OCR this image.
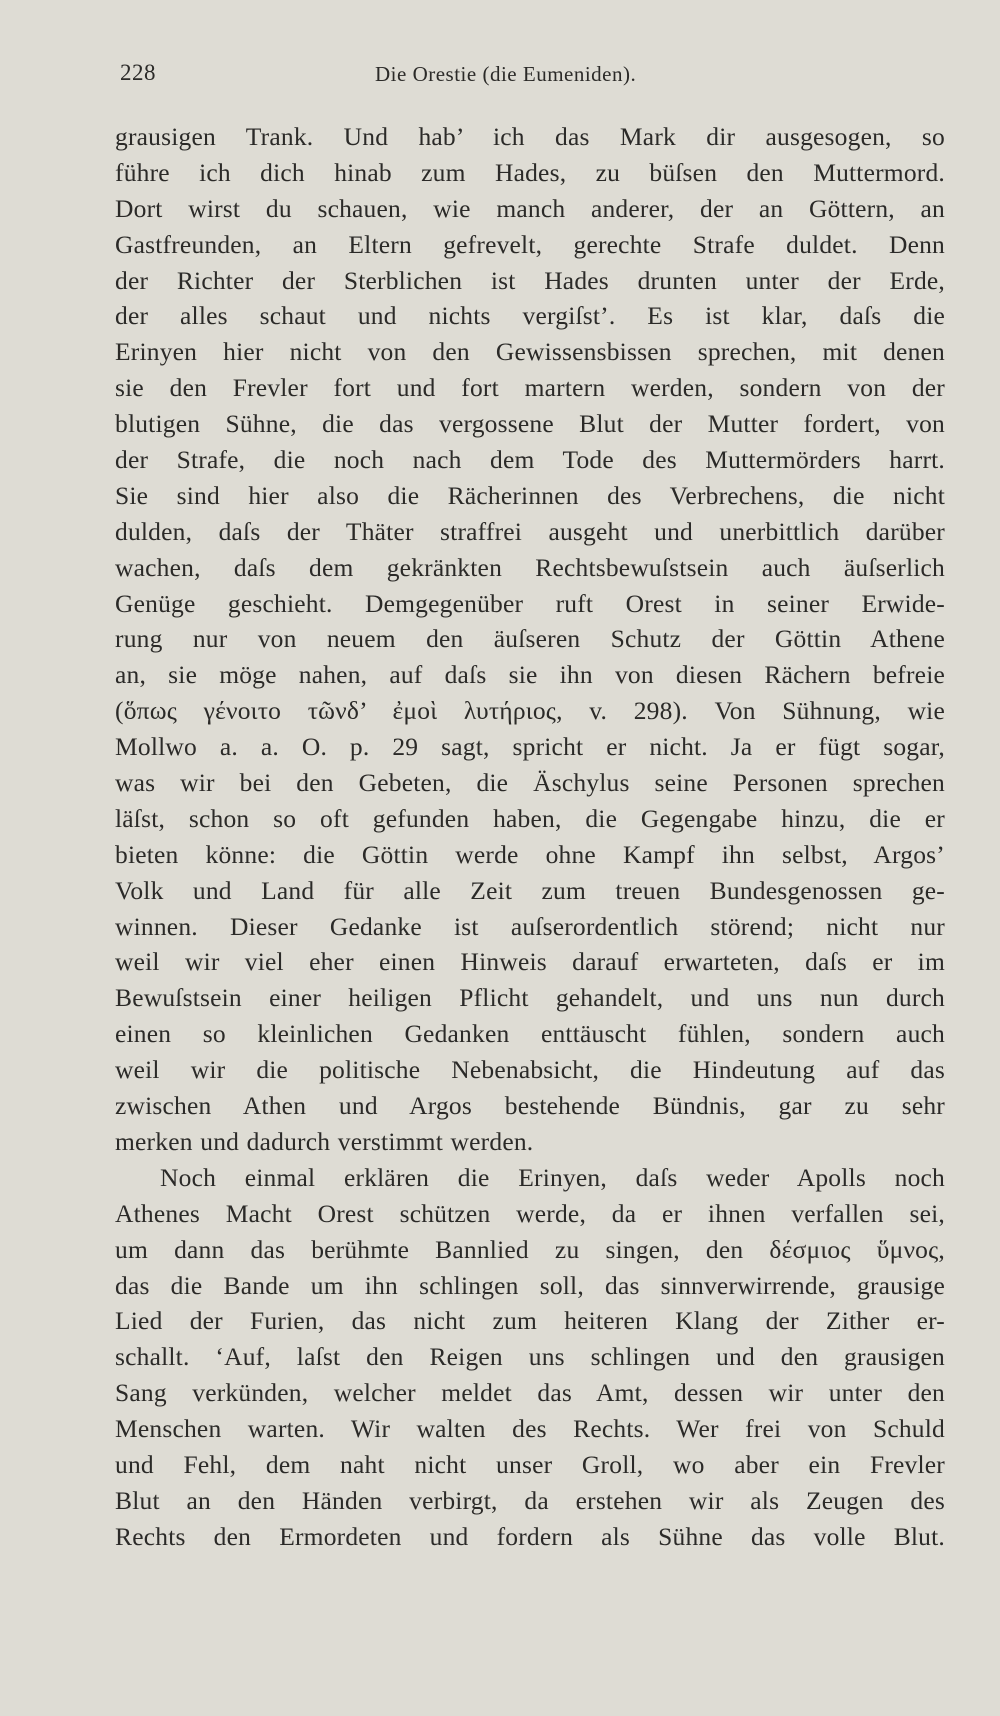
228	Die Orestie (die Eumeniden).
grausigen Trank. Und hab’ ich das Mark dir ausgesogen, so
führe ich dich hinab zum Hades, zu büſsen den Muttermord.
Dort wirst du schauen, wie manch anderer, der an Göttern, an
Gastfreunden, an Eltern gefrevelt, gerechte Strafe duldet. Denn
der Richter der Sterblichen ist Hades drunten unter der Erde,
der alles schaut und nichts vergiſst’. Es ist klar, daſs die
Erinyen hier nicht von den Gewissensbissen sprechen, mit denen
sie den Frevler fort und fort martern werden, sondern von der
blutigen Sühne, die das vergossene Blut der Mutter fordert, von
der Strafe, die noch nach dem Tode des Muttermörders harrt.
Sie sind hier also die Rächerinnen des Verbrechens, die nicht
dulden, daſs der Thäter straffrei ausgeht und unerbittlich darüber
wachen, daſs dem gekränkten Rechtsbewuſstsein auch äuſserlich
Genüge geschieht. Demgegenüber ruft Orest in seiner Erwide-
rung nur von neuem den äuſseren Schutz der Göttin Athene
an, sie möge nahen, auf daſs sie ihn von diesen Rächern befreie
(ὅπως γένοιτο τῶνδ’ ἐμοὶ λυτήριος, v. 298). Von Sühnung, wie
Mollwo a. a. O. p. 29 sagt, spricht er nicht. Ja er fügt sogar,
was wir bei den Gebeten, die Äschylus seine Personen sprechen
läſst, schon so oft gefunden haben, die Gegengabe hinzu, die er
bieten könne: die Göttin werde ohne Kampf ihn selbst, Argos’
Volk und Land für alle Zeit zum treuen Bundesgenossen ge-
winnen. Dieser Gedanke ist auſserordentlich störend; nicht nur
weil wir viel eher einen Hinweis darauf erwarteten, daſs er im
Bewuſstsein einer heiligen Pflicht gehandelt, und uns nun durch
einen so kleinlichen Gedanken enttäuscht fühlen, sondern auch
weil wir die politische Nebenabsicht, die Hindeutung auf das
zwischen Athen und Argos bestehende Bündnis, gar zu sehr
merken und dadurch verstimmt werden.
Noch einmal erklären die Erinyen, daſs weder Apolls noch
Athenes Macht Orest schützen werde, da er ihnen verfallen sei,
um dann das berühmte Bannlied zu singen, den δέσμιος ὕμνος,
das die Bande um ihn schlingen soll, das sinnverwirrende, grausige
Lied der Furien, das nicht zum heiteren Klang der Zither er-
schallt. ‘Auf, laſst den Reigen uns schlingen und den grausigen
Sang verkünden, welcher meldet das Amt, dessen wir unter den
Menschen warten. Wir walten des Rechts. Wer frei von Schuld
und Fehl, dem naht nicht unser Groll, wo aber ein Frevler
Blut an den Händen verbirgt, da erstehen wir als Zeugen des
Rechts den Ermordeten und fordern als Sühne das volle Blut.
